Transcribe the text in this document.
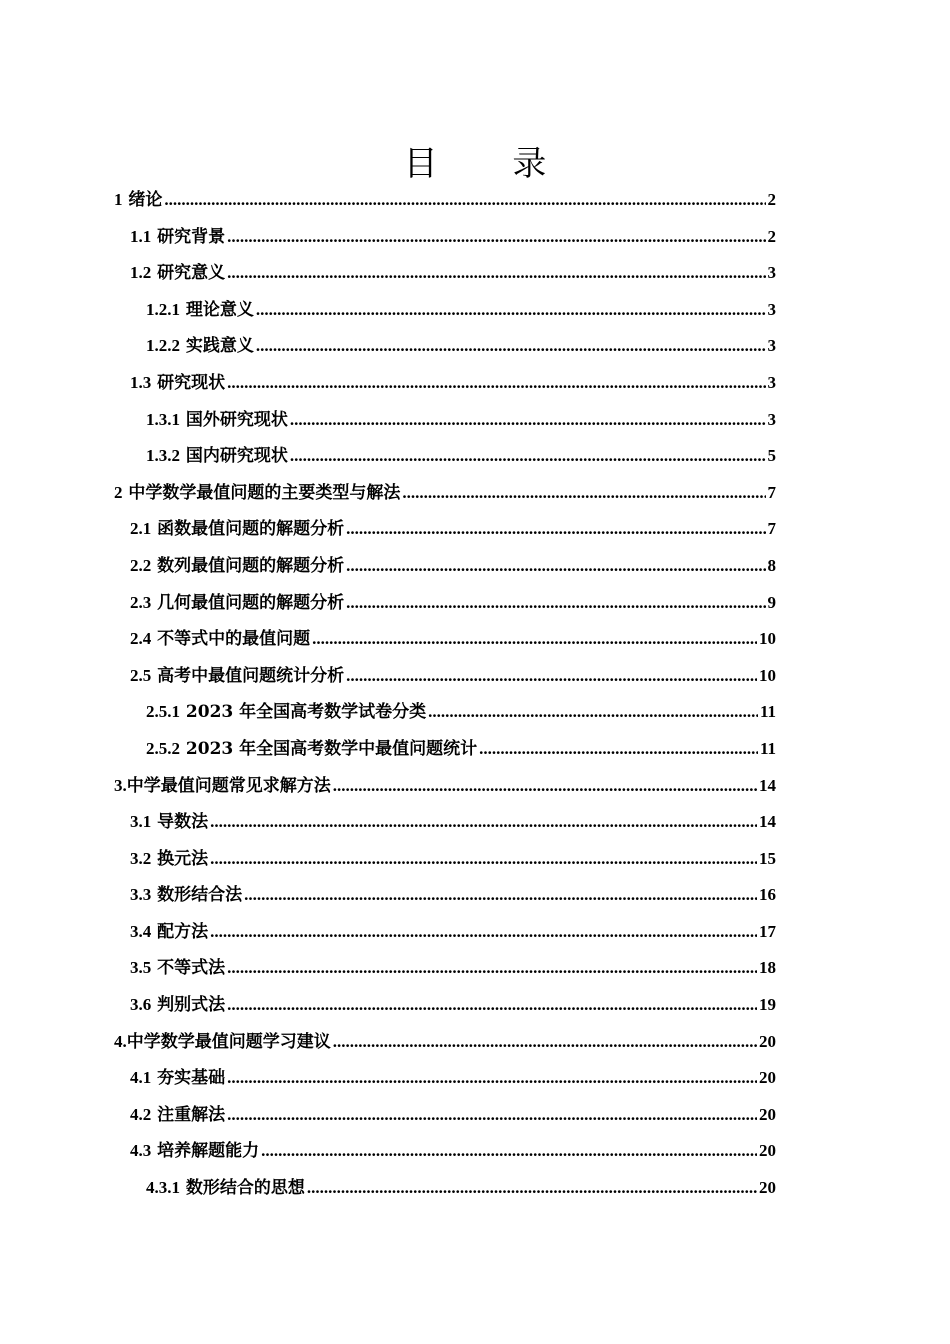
目 录
1 绪论 .....	2
1.1 研究背景 .....	2
1.2 研究意义 .....	3
1.2.1 理论意义 .....	3
1.2.2 实践意义 .....	3
1.3 研究现状 .....	3
1.3.1 国外研究现状 .....	3
1.3.2 国内研究现状 .....	5
2 中学数学最值问题的主要类型与解法 .....	7
2.1 函数最值问题的解题分析 .....	7
2.2 数列最值问题的解题分析 .....	8
2.3 几何最值问题的解题分析 .....	9
2.4 不等式中的最值问题 .....	10
2.5 高考中最值问题统计分析 .....	10
2.5.1 2023 年全国高考数学试卷分类 .....	11
2.5.2 2023 年全国高考数学中最值问题统计 .....	11
3.中学最值问题常见求解方法 .....	14
3.1 导数法 .....	14
3.2 换元法 .....	15
3.3 数形结合法 .....	16
3.4 配方法 .....	17
3.5 不等式法 .....	18
3.6 判别式法 .....	19
4.中学数学最值问题学习建议 .....	20
4.1 夯实基础 .....	20
4.2 注重解法 .....	20
4.3 培养解题能力 .....	20
4.3.1 数形结合的思想 .....	20
